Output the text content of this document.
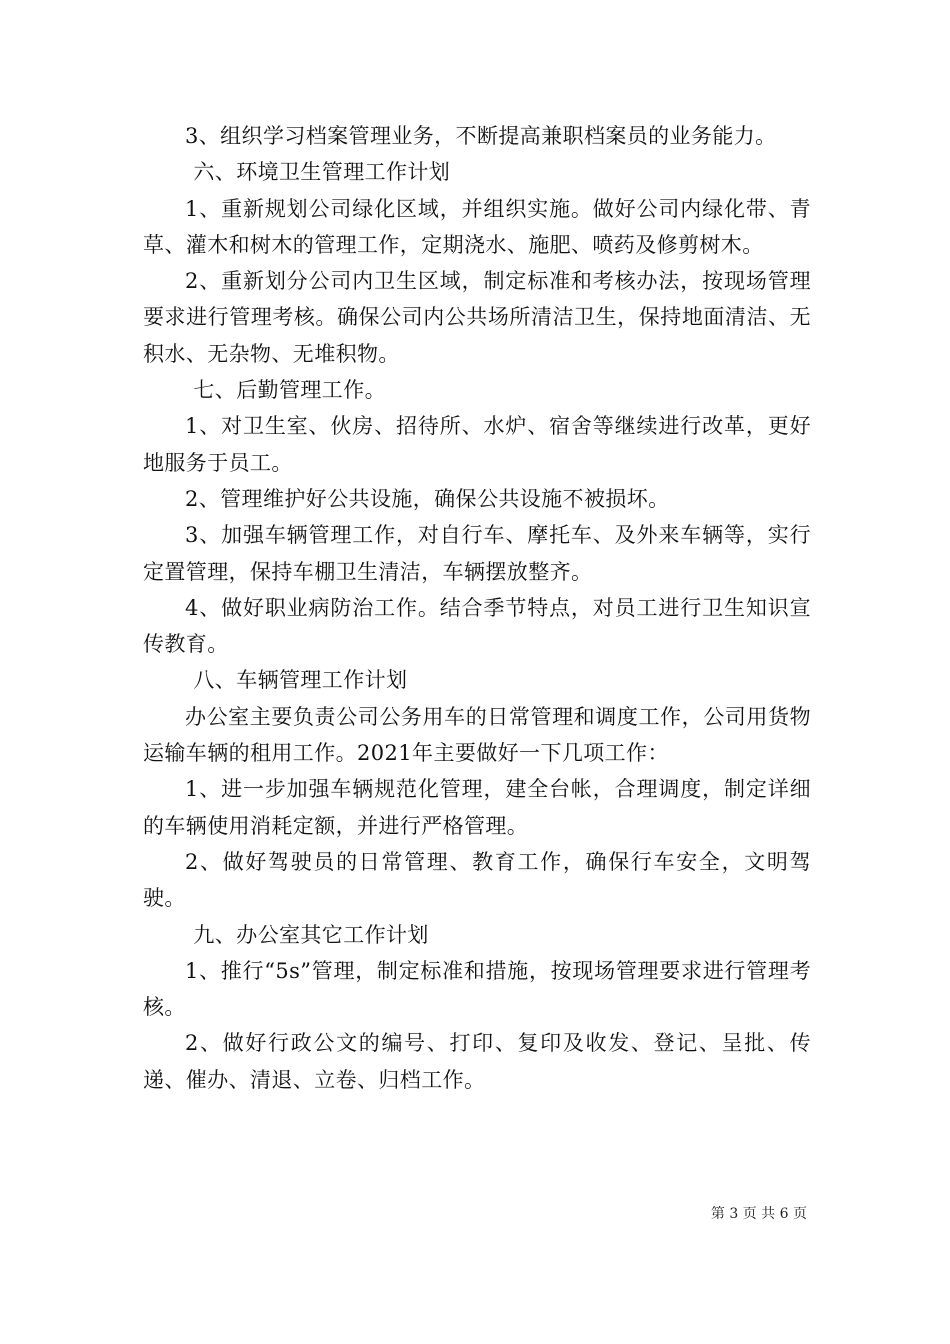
3、组织学习档案管理业务，不断提高兼职档案员的业务能力。

六、环境卫生管理工作计划

1、重新规划公司绿化区域，并组织实施。做好公司内绿化带、青草、灌木和树木的管理工作，定期浇水、施肥、喷药及修剪树木。

2、重新划分公司内卫生区域，制定标准和考核办法，按现场管理要求进行管理考核。确保公司内公共场所清洁卫生，保持地面清洁、无积水、无杂物、无堆积物。

七、后勤管理工作。

1、对卫生室、伙房、招待所、水炉、宿舍等继续进行改革，更好地服务于员工。

2、管理维护好公共设施，确保公共设施不被损坏。

3、加强车辆管理工作，对自行车、摩托车、及外来车辆等，实行定置管理，保持车棚卫生清洁，车辆摆放整齐。

4、做好职业病防治工作。结合季节特点，对员工进行卫生知识宣传教育。

八、车辆管理工作计划

办公室主要负责公司公务用车的日常管理和调度工作，公司用货物运输车辆的租用工作。2021年主要做好一下几项工作：

1、进一步加强车辆规范化管理，建全台帐，合理调度，制定详细的车辆使用消耗定额，并进行严格管理。

2、做好驾驶员的日常管理、教育工作，确保行车安全，文明驾驶。

九、办公室其它工作计划

1、推行“5s”管理，制定标准和措施，按现场管理要求进行管理考核。

2、做好行政公文的编号、打印、复印及收发、登记、呈批、传递、催办、清退、立卷、归档工作。

第 3 页 共 6 页
